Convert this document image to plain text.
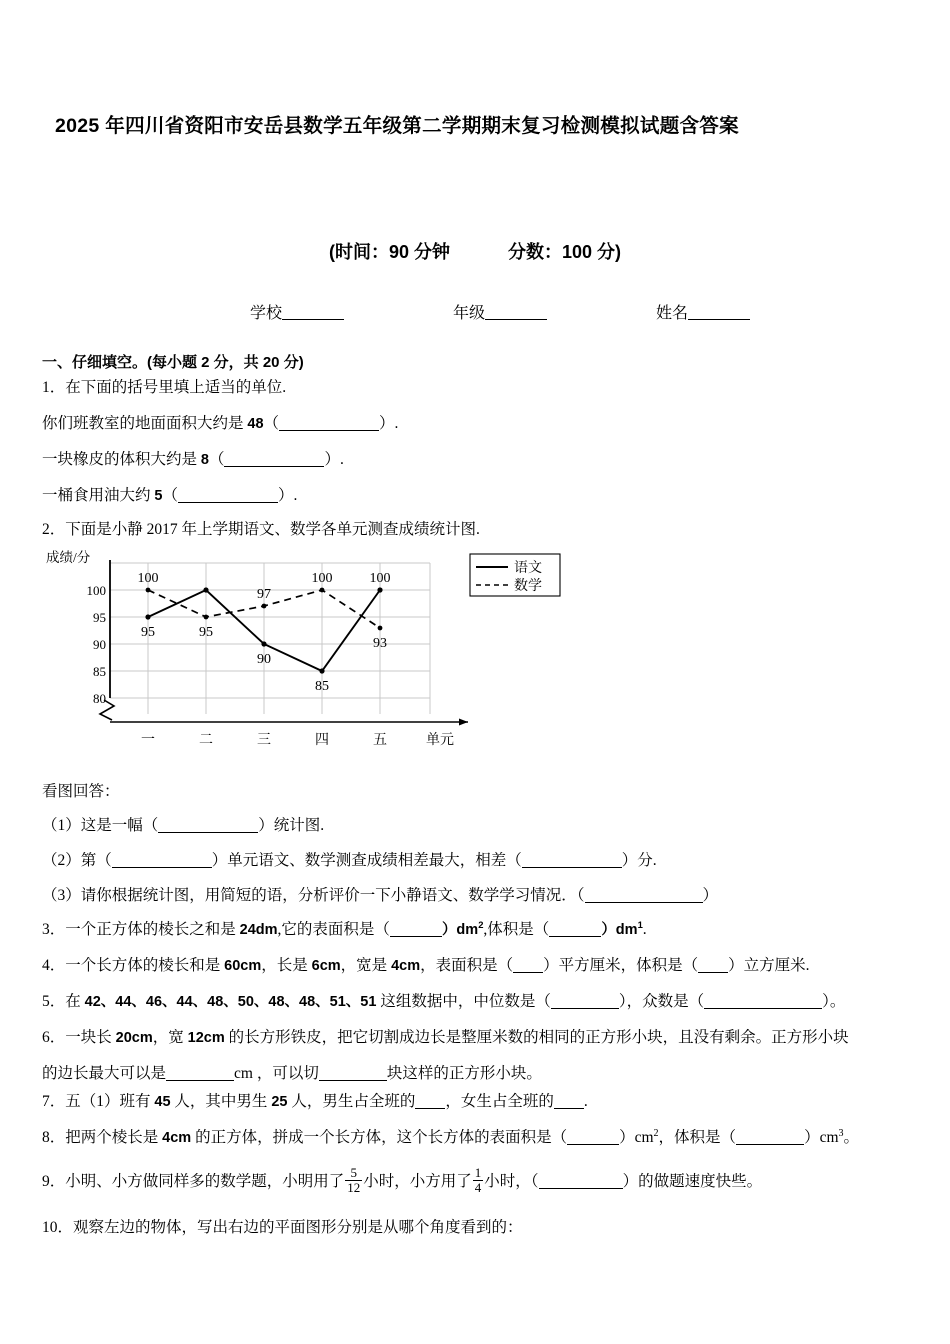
2025 年四川省资阳市安岳县数学五年级第二学期期末复习检测模拟试题含答案
(时间：90 分钟	分数：100 分)
学校	年级	姓名
一、仔细填空。(每小题 2 分，共 20 分)
1．在下面的括号里填上适当的单位.
你们班教室的地面面积大约是 48（	）.
一块橡皮的体积大约是 8（	）.
一桶食用油大约 5（	）.
2．下面是小静 2017 年上学期语文、数学各单元测查成绩统计图.
100
95
90
85
80
成绩/分
一	二	三	四	五	单元
95	95
90
85
100
100
97
100
93
语文
数学
看图回答：
（1）这是一幅（	）统计图.
（2）第（	）单元语文、数学测查成绩相差最大，相差（	）分.
（3）请你根据统计图，用简短的语，分析评价一下小静语文、数学学习情况．（	）
3．一个正方体的棱长之和是 24dm,它的表面积是（	）$dm^2$,体积是（	）$dm^1$.
4．一个长方体的棱长和是 60cm，长是 6cm，宽是 4cm，表面积是（ ）平方厘米，体积是（ ）立方厘米.
5．在 42、44、46、44、48、50、48、48、51、51 这组数据中，中位数是（	），众数是（	）。
6．一块长 20cm，宽 12cm 的长方形铁皮，把它切割成边长是整厘米数的相同的正方形小块，且没有剩余。正方形小块
的边长最大可以是	cm ，可以切	块这样的正方形小块。
7．五（1）班有 45 人，其中男生 25 人，男生占全班的 ，女生占全班的 .
8．把两个棱长是 4cm 的正方体，拼成一个长方体，这个长方体的表面积是（	）$cm^2$，体积是（	）$cm^3$。
9．小明、小方做同样多的数学题，小明用了 $\frac{5}{12}$ 小时，小方用了 $\frac{1}{4}$ 小时，（	）的做题速度快些。
10．观察左边的物体，写出右边的平面图形分别是从哪个角度看到的：
